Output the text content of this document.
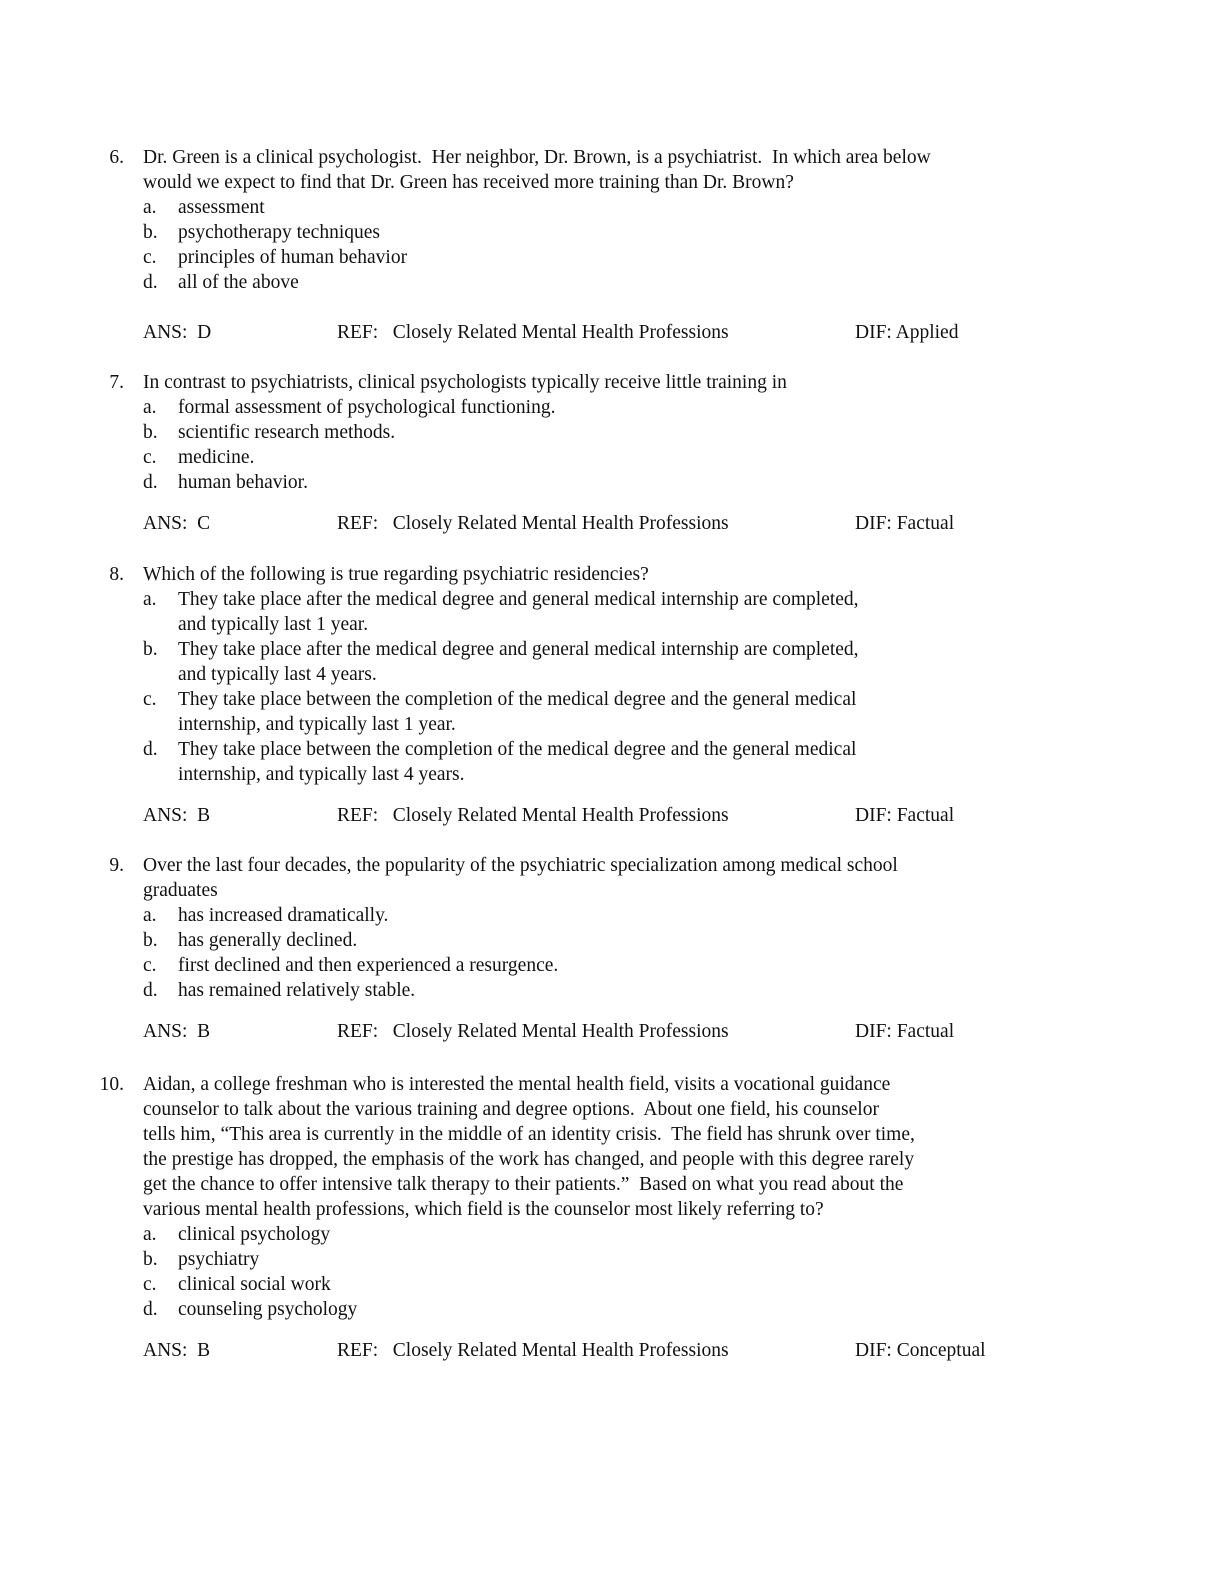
6. Dr. Green is a clinical psychologist.  Her neighbor, Dr. Brown, is a psychiatrist.  In which area below
would we expect to find that Dr. Green has received more training than Dr. Brown?
a. assessment
b. psychotherapy techniques
c. principles of human behavior
d. all of the above
ANS:  D	REF:   Closely Related Mental Health Professions	DIF: Applied
7. In contrast to psychiatrists, clinical psychologists typically receive little training in
a. formal assessment of psychological functioning.
b. scientific research methods.
c. medicine.
d. human behavior.
ANS:  C	REF:   Closely Related Mental Health Professions	DIF: Factual
8. Which of the following is true regarding psychiatric residencies?
a. They take place after the medical degree and general medical internship are completed,
and typically last 1 year.
b. They take place after the medical degree and general medical internship are completed,
and typically last 4 years.
c. They take place between the completion of the medical degree and the general medical
internship, and typically last 1 year.
d. They take place between the completion of the medical degree and the general medical
internship, and typically last 4 years.
ANS:  B	REF:   Closely Related Mental Health Professions	DIF: Factual
9. Over the last four decades, the popularity of the psychiatric specialization among medical school
graduates
a. has increased dramatically.
b. has generally declined.
c. first declined and then experienced a resurgence.
d. has remained relatively stable.
ANS:  B	REF:   Closely Related Mental Health Professions	DIF: Factual
10. Aidan, a college freshman who is interested the mental health field, visits a vocational guidance
counselor to talk about the various training and degree options.  About one field, his counselor
tells him, “This area is currently in the middle of an identity crisis.  The field has shrunk over time,
the prestige has dropped, the emphasis of the work has changed, and people with this degree rarely
get the chance to offer intensive talk therapy to their patients.”  Based on what you read about the
various mental health professions, which field is the counselor most likely referring to?
a. clinical psychology
b. psychiatry
c. clinical social work
d. counseling psychology
ANS:  B	REF:   Closely Related Mental Health Professions	DIF: Conceptual
